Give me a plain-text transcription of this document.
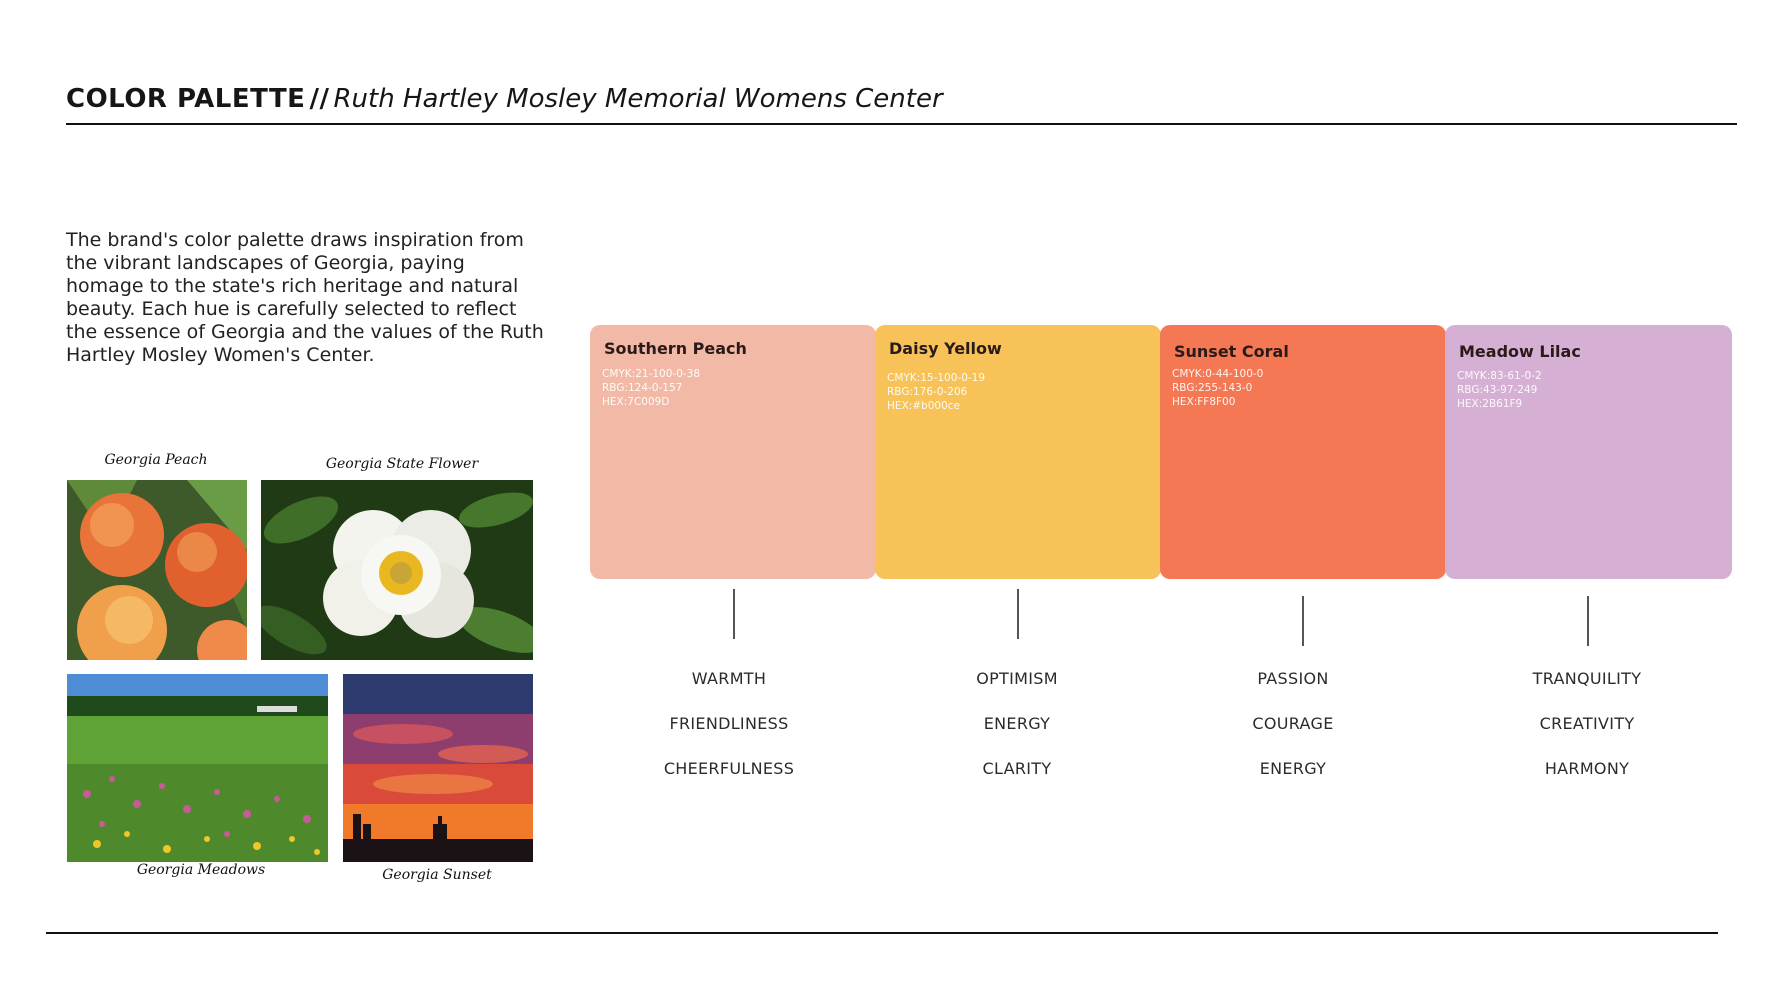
COLOR PALETTE // Ruth Hartley Mosley Memorial Womens Center
The brand's color palette draws inspiration from the vibrant landscapes of Georgia, paying homage to the state's rich heritage and natural beauty. Each hue is carefully selected to reflect the essence of Georgia and the values of the Ruth Hartley Mosley Women's Center.
Georgia Peach	Georgia State Flower
Georgia Meadows	Georgia Sunset
Southern Peach
CMYK:21-100-0-38
RBG:124-0-157
HEX:7C009D
Daisy Yellow
CMYK:15-100-0-19
RBG:176-0-206
HEX:#b000ce
Sunset Coral
CMYK:0-44-100-0
RBG:255-143-0
HEX:FF8F00
Meadow Lilac
CMYK:83-61-0-2
RBG:43-97-249
HEX:2B61F9
WARMTH
FRIENDLINESS
CHEERFULNESS
OPTIMISM
ENERGY
CLARITY
PASSION
COURAGE
ENERGY
TRANQUILITY
CREATIVITY
HARMONY
